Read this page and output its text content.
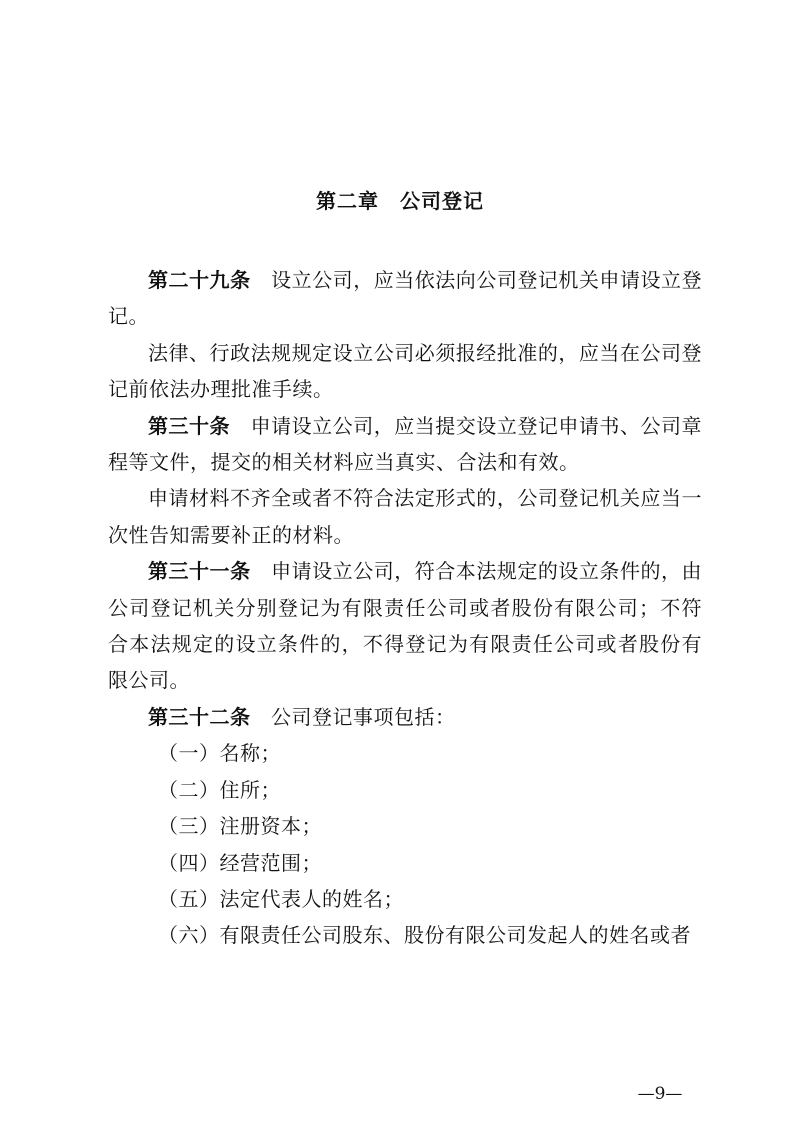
第二章　公司登记

第二十九条　设立公司，应当依法向公司登记机关申请设立登记。

法律、行政法规规定设立公司必须报经批准的，应当在公司登记前依法办理批准手续。

第三十条　申请设立公司，应当提交设立登记申请书、公司章程等文件，提交的相关材料应当真实、合法和有效。

申请材料不齐全或者不符合法定形式的，公司登记机关应当一次性告知需要补正的材料。

第三十一条　申请设立公司，符合本法规定的设立条件的，由公司登记机关分别登记为有限责任公司或者股份有限公司；不符合本法规定的设立条件的，不得登记为有限责任公司或者股份有限公司。

第三十二条　公司登记事项包括：

（一）名称；

（二）住所；

（三）注册资本；

（四）经营范围；

（五）法定代表人的姓名；

（六）有限责任公司股东、股份有限公司发起人的姓名或者

—9—
